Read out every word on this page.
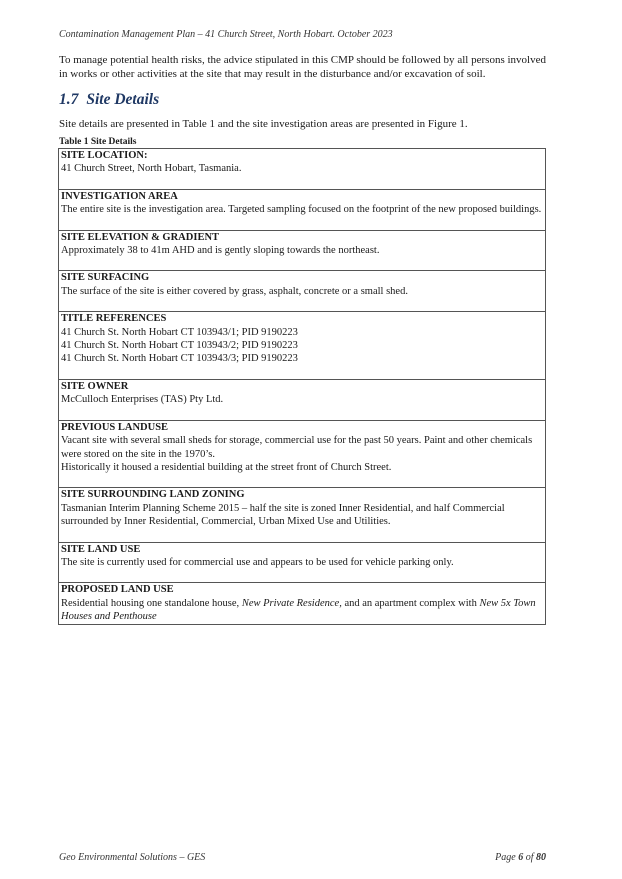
Contamination Management Plan – 41 Church Street, North Hobart. October 2023
To manage potential health risks, the advice stipulated in this CMP should be followed by all persons involved in works or other activities at the site that may result in the disturbance and/or excavation of soil.
1.7 Site Details
Site details are presented in Table 1 and the site investigation areas are presented in Figure 1.
Table 1 Site Details
SITE LOCATION:
41 Church Street, North Hobart, Tasmania.

INVESTIGATION AREA
The entire site is the investigation area. Targeted sampling focused on the footprint of the new proposed buildings.

SITE ELEVATION & GRADIENT
Approximately 38 to 41m AHD and is gently sloping towards the northeast.

SITE SURFACING
The surface of the site is either covered by grass, asphalt, concrete or a small shed.

TITLE REFERENCES
41 Church St. North Hobart CT 103943/1; PID 9190223
41 Church St. North Hobart CT 103943/2; PID 9190223
41 Church St. North Hobart CT 103943/3; PID 9190223

SITE OWNER
McCulloch Enterprises (TAS) Pty Ltd.

PREVIOUS LANDUSE
Vacant site with several small sheds for storage, commercial use for the past 50 years. Paint and other chemicals were stored on the site in the 1970’s.
Historically it housed a residential building at the street front of Church Street.

SITE SURROUNDING LAND ZONING
Tasmanian Interim Planning Scheme 2015 – half the site is zoned Inner Residential, and half Commercial surrounded by Inner Residential, Commercial, Urban Mixed Use and Utilities.

SITE LAND USE
The site is currently used for commercial use and appears to be used for vehicle parking only.

PROPOSED LAND USE
Residential housing one standalone house, New Private Residence, and an apartment complex with New 5x Town Houses and Penthouse
Geo Environmental Solutions – GES	Page 6 of 80
